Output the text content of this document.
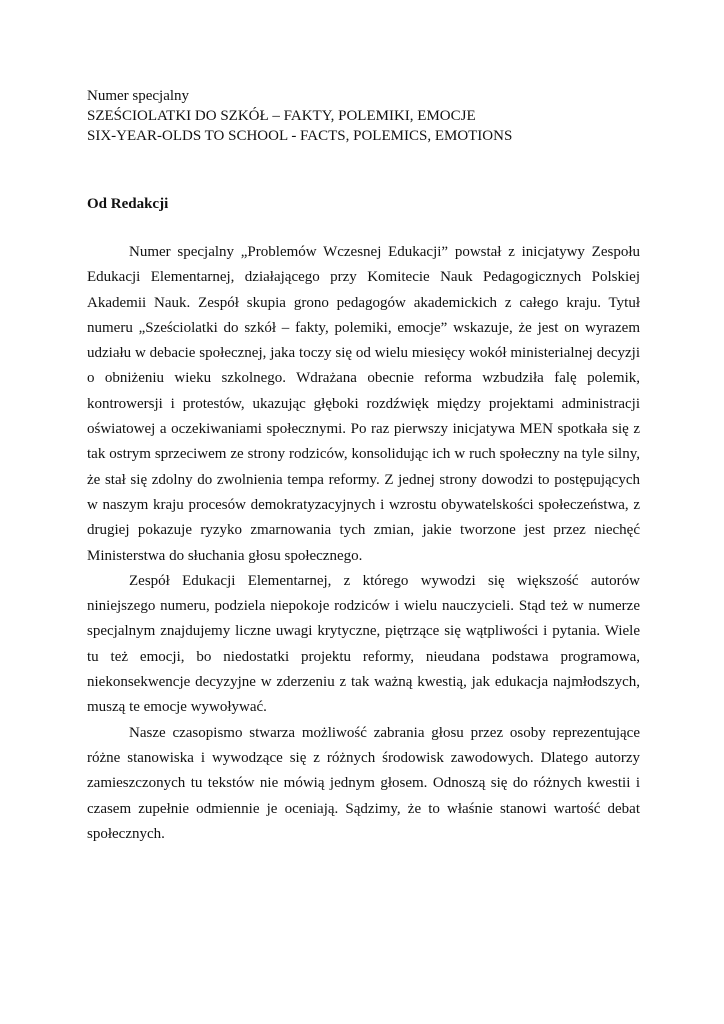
Numer specjalny
SZEŚCIOLATKI DO SZKÓŁ – FAKTY, POLEMIKI, EMOCJE
SIX-YEAR-OLDS TO SCHOOL - FACTS, POLEMICS, EMOTIONS
Od Redakcji

Numer specjalny „Problemów Wczesnej Edukacji” powstał z inicjatywy Zespołu Edukacji Elementarnej, działającego przy Komitecie Nauk Pedagogicznych Polskiej Akademii Nauk. Zespół skupia grono pedagogów akademickich z całego kraju. Tytuł numeru „Sześciolatki do szkół – fakty, polemiki, emocje” wskazuje, że jest on wyrazem udziału w debacie społecznej, jaka toczy się od wielu miesięcy wokół ministerialnej decyzji o obniżeniu wieku szkolnego. Wdrażana obecnie reforma wzbudziła falę polemik, kontrowersji i protestów, ukazując głęboki rozdźwięk między projektami administracji oświatowej a oczekiwaniami społecznymi. Po raz pierwszy inicjatywa MEN spotkała się z tak ostrym sprzeciwem ze strony rodziców, konsolidując ich w ruch społeczny na tyle silny, że stał się zdolny do zwolnienia tempa reformy. Z jednej strony dowodzi to postępujących w naszym kraju procesów demokratyzacyjnych i wzrostu obywatelskości społeczeństwa, z drugiej pokazuje ryzyko zmarnowania tych zmian, jakie tworzone jest przez niechęć Ministerstwa do słuchania głosu społecznego.

Zespół Edukacji Elementarnej, z którego wywodzi się większość autorów niniejszego numeru, podziela niepokoje rodziców i wielu nauczycieli. Stąd też w numerze specjalnym znajdujemy liczne uwagi krytyczne, piętrzące się wątpliwości i pytania. Wiele tu też emocji, bo niedostatki projektu reformy, nieudana podstawa programowa, niekonsekwencje decyzyjne w zderzeniu z tak ważną kwestią, jak edukacja najmłodszych, muszą te emocje wywoływać.

Nasze czasopismo stwarza możliwość zabrania głosu przez osoby reprezentujące różne stanowiska i wywodzące się z różnych środowisk zawodowych. Dlatego autorzy zamieszczonych tu tekstów nie mówią jednym głosem. Odnoszą się do różnych kwestii i czasem zupełnie odmiennie je oceniają. Sądzimy, że to właśnie stanowi wartość debat społecznych.
